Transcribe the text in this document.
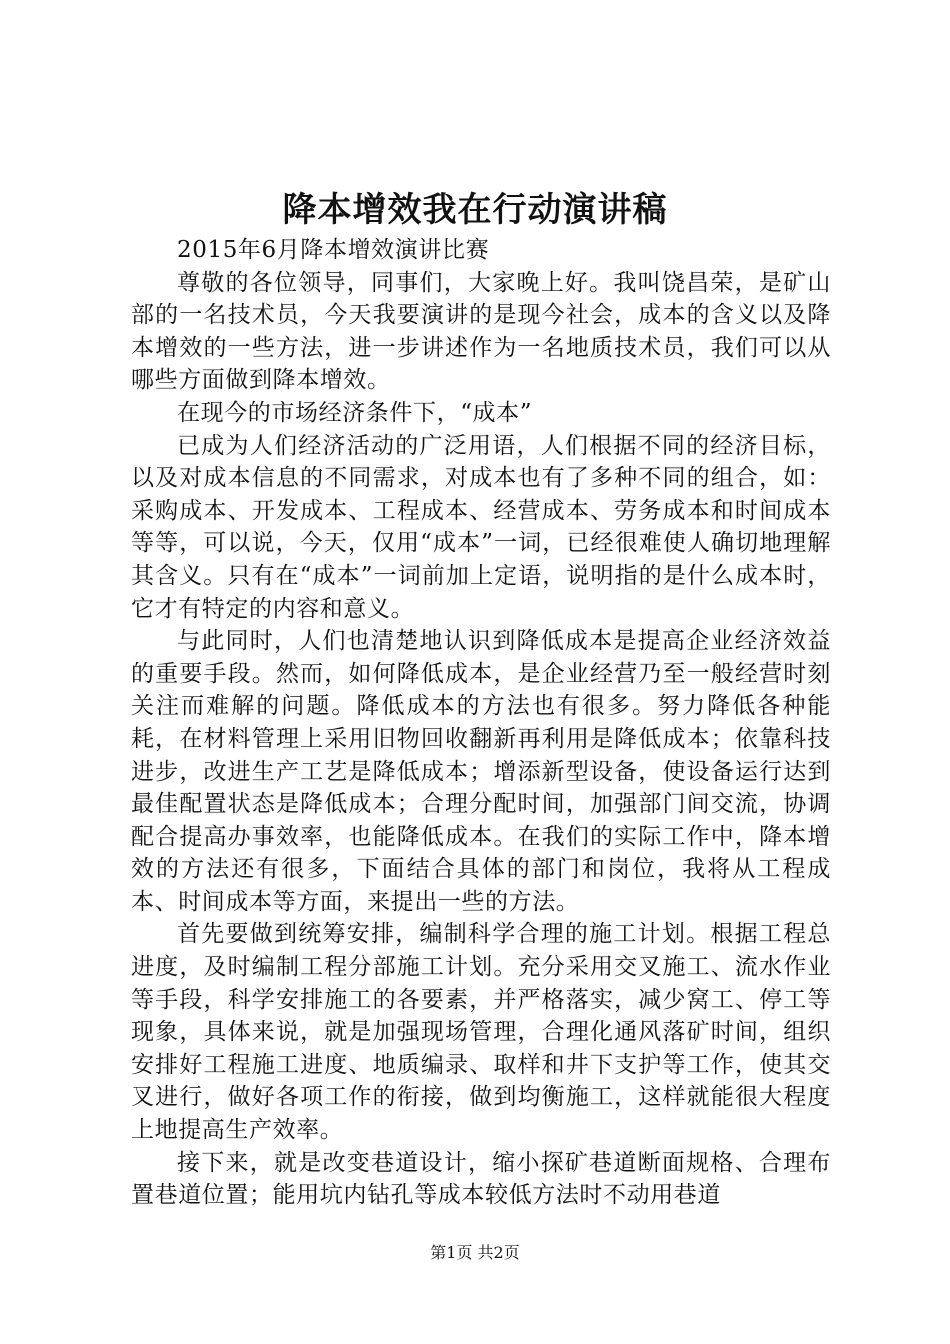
降本增效我在行动演讲稿

2015年6月降本增效演讲比赛

尊敬的各位领导，同事们，大家晚上好。我叫饶昌荣，是矿山部的一名技术员，今天我要演讲的是现今社会，成本的含义以及降本增效的一些方法，进一步讲述作为一名地质技术员，我们可以从哪些方面做到降本增效。

在现今的市场经济条件下，“成本”

已成为人们经济活动的广泛用语，人们根据不同的经济目标，以及对成本信息的不同需求，对成本也有了多种不同的组合，如：采购成本、开发成本、工程成本、经营成本、劳务成本和时间成本等等，可以说，今天，仅用“成本”一词，已经很难使人确切地理解其含义。只有在“成本”一词前加上定语，说明指的是什么成本时，它才有特定的内容和意义。

与此同时，人们也清楚地认识到降低成本是提高企业经济效益的重要手段。然而，如何降低成本，是企业经营乃至一般经营时刻关注而难解的问题。降低成本的方法也有很多。努力降低各种能耗，在材料管理上采用旧物回收翻新再利用是降低成本；依靠科技进步，改进生产工艺是降低成本；增添新型设备，使设备运行达到最佳配置状态是降低成本；合理分配时间，加强部门间交流，协调配合提高办事效率，也能降低成本。在我们的实际工作中，降本增效的方法还有很多，下面结合具体的部门和岗位，我将从工程成本、时间成本等方面，来提出一些的方法。

首先要做到统筹安排，编制科学合理的施工计划。根据工程总进度，及时编制工程分部施工计划。充分采用交叉施工、流水作业等手段，科学安排施工的各要素，并严格落实，减少窝工、停工等现象，具体来说，就是加强现场管理，合理化通风落矿时间，组织安排好工程施工进度、地质编录、取样和井下支护等工作，使其交叉进行，做好各项工作的衔接，做到均衡施工，这样就能很大程度上地提高生产效率。

接下来，就是改变巷道设计，缩小探矿巷道断面规格、合理布置巷道位置；能用坑内钻孔等成本较低方法时不动用巷道

第1页 共2页
